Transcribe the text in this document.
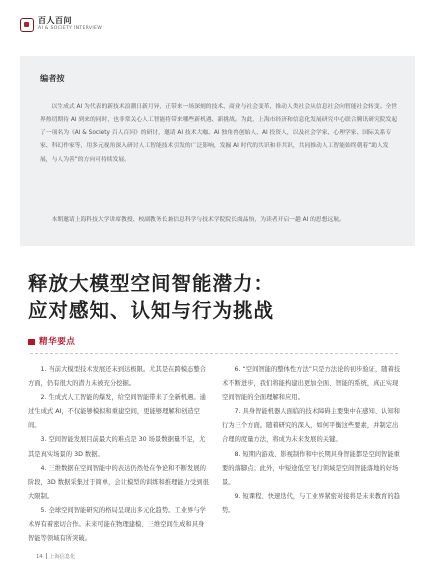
百人百问
AI & SOCIETY INTERVIEW
编者按

以生成式 AI 为代表的新技术浪潮日新月异，正带来一场深刻的技术、商业与社会变革，推动人类社会从信息社会向智能社会转变。全世界热切期待 AI 到来的同时，也非常关心人工智能将带来哪些新机遇、新挑战。为此，上海市经济和信息化发展研究中心联合腾讯研究院发起了一项名为《AI & Society 百人百问》的研讨，邀请 AI 技术大咖、AI 独角兽创始人、AI 投资人，以及社会学家、心理学家、国际关系专家、科幻作家等，用多元视角深入研讨人工智能技术引发的广泛影响，发掘 AI 时代的共识和非共识，共同推动人工智能始终朝着“助人发展，与人为善”的方向可持续发展。

本期邀请上海科技大学讲席教授、校副教务长兼信息科学与技术学院院长虞晶怡，为读者开启一趟 AI 的思想远航。

释放大模型空间智能潜力：
应对感知、认知与行为挑战
精华要点

1. 当前大模型技术发展还未到达极限。尤其是在跨模态整合方面，仍有很大的潜力未被充分挖掘。

2. 生成式人工智能的爆发，给空间智能带来了全新机遇。通过生成式 AI，不仅能够模拟和重建空间，更能够理解和创造空间。

3. 空间智能发展目前最大的难点是 30 场景数据量不足，尤其是真实场景的 3D 数据。

4. 三维数据在空间智能中的表达仍然处在争论和不断发展的阶段，3D 数据采集过于简单，会让模型的训练和推理能力受到很大限制。

5. 全球空间智能研究的格局呈现出多元化趋势。工业界与学术界有着密切合作。未来可能在物理建模、三维空间生成和具身智能等领域有所突破。

6. “空间智能的整体性方法”只是方法论的初步验证，随着技术不断进步，我们将能构建出更加全面、智能的系统，真正实现空间智能的全面理解和应用。

7. 具身智能机器人面临的技术障碍主要集中在感知、认知和行为三个方面。随着研究的深入，如何平衡这些要素，并制定出合理的度量方法，将成为未来发展的关键。

8. 短期内游戏、影视制作和中长期具身智能都是空间智能重要的落脚点；此外，中短途低空飞行领域是空间智能落地的好场景。

9. 短课程、快速迭代，与工业界紧密对接将是未来教育的趋势。

14 上海信息化
